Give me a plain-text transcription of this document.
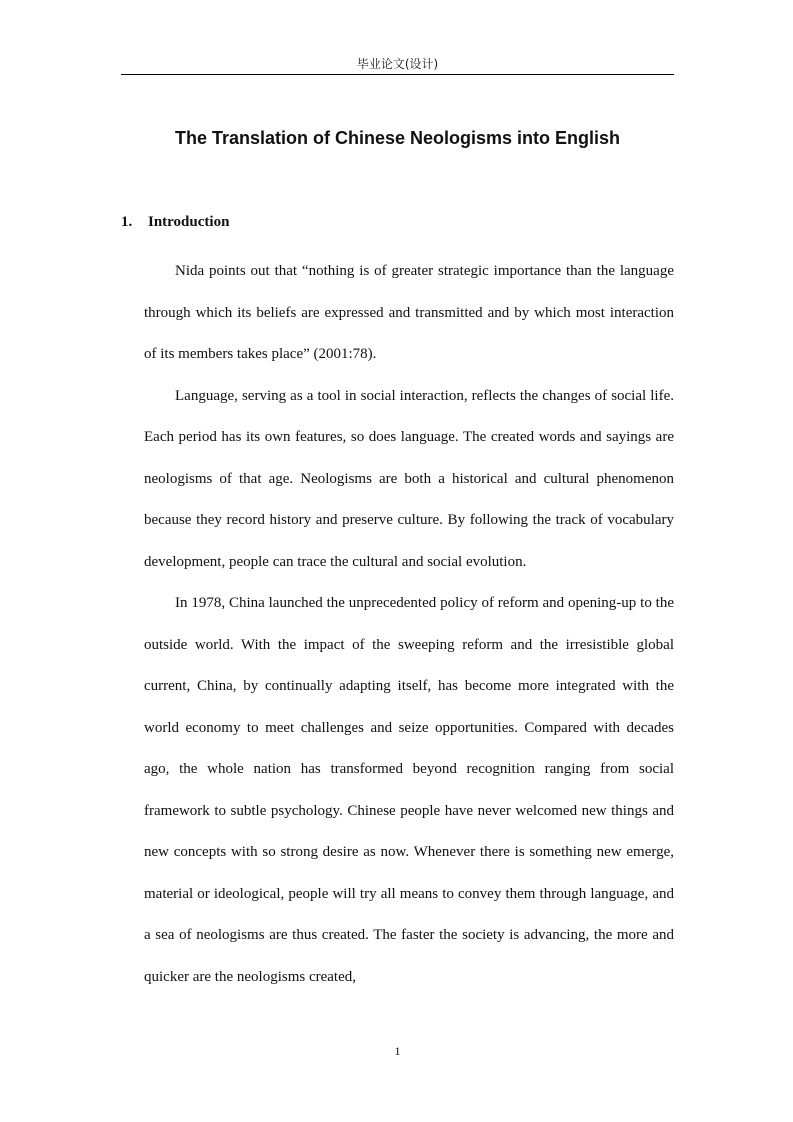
毕业论文(设计)
The Translation of Chinese Neologisms into English
1. Introduction

Nida points out that “nothing is of greater strategic importance than the language through which its beliefs are expressed and transmitted and by which most interaction of its members takes place” (2001:78).

Language, serving as a tool in social interaction, reflects the changes of social life. Each period has its own features, so does language. The created words and sayings are neologisms of that age. Neologisms are both a historical and cultural phenomenon because they record history and preserve culture. By following the track of vocabulary development, people can trace the cultural and social evolution.

In 1978, China launched the unprecedented policy of reform and opening-up to the outside world. With the impact of the sweeping reform and the irresistible global current, China, by continually adapting itself, has become more integrated with the world economy to meet challenges and seize opportunities. Compared with decades ago, the whole nation has transformed beyond recognition ranging from social framework to subtle psychology. Chinese people have never welcomed new things and new concepts with so strong desire as now. Whenever there is something new emerge, material or ideological, people will try all means to convey them through language, and a sea of neologisms are thus created. The faster the society is advancing, the more and quicker are the neologisms created,

1
